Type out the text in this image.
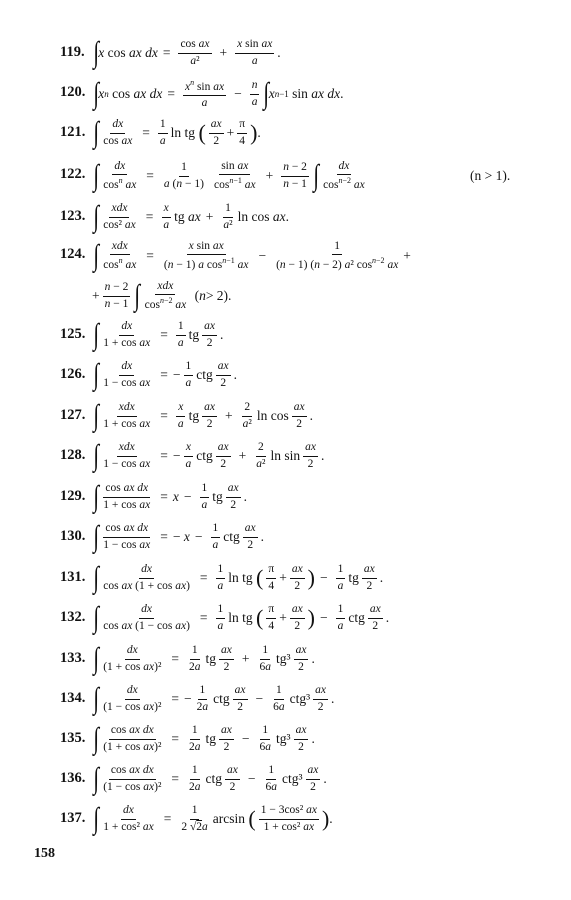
119. ∫ x cos ax dx = $\frac{\text{cos ax}}{\text{a²}} + \frac{\text{x sin ax}}{a}$ .
120. ∫ x n cos ax dx = $\frac{x^n \sin ax}{a} - \frac{n}{a}$ ∫ x n−1 sin ax dx .
121. ∫ $\frac{dx}{\text{cos ax}} = \frac{1}{a}$ ln tg ( $\frac{ax}{2} + \frac{\pi}{4}$ ) .
122. ∫ $\frac{dx}{\cos^n ax} = \frac{1}{a (n - 1)} \frac{\text{sin ax}}{\cos^{n-1} ax} + \frac{n - 2}{n - 1}$ ∫ $\frac{dx}{\cos^{n-2} ax}$	(n > 1).
123. ∫ $\frac{\text{xdx}}{\text{cos² ax}} = \frac{x}{a}$ tg ax + $\frac{1}{\text{a²}}$ ln cos ax .
124. ∫ $\frac{\text{xdx}}{\cos^n ax} = \frac{\text{x sin ax}}{(n - 1) a \cos^{n-1} ax} - \frac{1}{(n - 1) (n - 2) a^2 \cos^{n-2} ax}$ +
+ $\frac{n - 2}{n - 1}$ ∫ $\frac{\text{xdx}}{\cos^{n-2} ax}$ ( n > 2).
125. ∫ $\frac{dx}{\text{1 + cos ax}} = \frac{1}{a}$ tg $\frac{ax}{2}$ .
126. ∫ $\frac{dx}{\text{1 − cos ax}}$ = − $\frac{1}{a}$ ctg $\frac{ax}{2}$ .
127. ∫ $\frac{\text{xdx}}{\text{1 + cos ax}} = \frac{x}{a}$ tg $\frac{ax}{2} + \frac{2}{\text{a²}}$ $\ln \cos \frac{ax}{2}$ .
128. ∫ $\frac{\text{xdx}}{\text{1 − cos ax}}$ = − $\frac{x}{a}$ ctg $\frac{ax}{2} + \frac{2}{\text{a²}}$ $\ln \sin \frac{ax}{2}$ .
129. ∫ $\frac{\text{cos ax dx}}{\text{1 + cos ax}} = x - \frac{1}{a}$ tg $\frac{ax}{2}$ .
130. ∫ $\frac{\text{cos ax dx}}{\text{1 − cos ax}}$ = − $x - \frac{1}{a}$ ctg $\frac{ax}{2}$ .
131. ∫ $\frac{dx}{\text{cos ax (1 + cos ax)}} = \frac{1}{a}$ ln tg ( $\frac{\pi}{4} + \frac{ax}{2}$ ) − $\frac{1}{a}$ tg $\frac{ax}{2}$ .
132. ∫ $\frac{dx}{\text{cos ax (1 − cos ax)}} = \frac{1}{a}$ ln tg ( $\frac{\pi}{4} + \frac{ax}{2}$ ) − $\frac{1}{a}$ ctg $\frac{ax}{2}$ .
133. ∫ $\frac{dx}{\text{(1 + cos ax)²}} = \frac{1}{2a}$ tg $\frac{ax}{2} + \frac{1}{6a} tg^3 \frac{ax}{2}$ .
134. ∫ $\frac{dx}{\text{(1 − cos ax)²}}$ = − $\frac{1}{2a}$ ctg $\frac{ax}{2} - \frac{1}{6a} ctg^3 \frac{ax}{2}$ .
135. ∫ $\frac{\text{cos ax dx}}{\text{(1 + cos ax)²}} = \frac{1}{2a}$ tg $\frac{ax}{2} - \frac{1}{6a} tg^3 \frac{ax}{2}$ .
136. ∫ $\frac{\text{cos ax dx}}{\text{(1 − cos ax)²}} = \frac{1}{2a}$ ctg $\frac{ax}{2} - \frac{1}{6a} ctg^3 \frac{ax}{2}$ .
137. ∫ $\frac{dx}{\text{1 + cos² ax}} = \frac{1}{2 √2a}$ arcsin ( $\frac{\text{1 − 3cos² ax}}{\text{1 + cos² ax}}$ ) .
158
